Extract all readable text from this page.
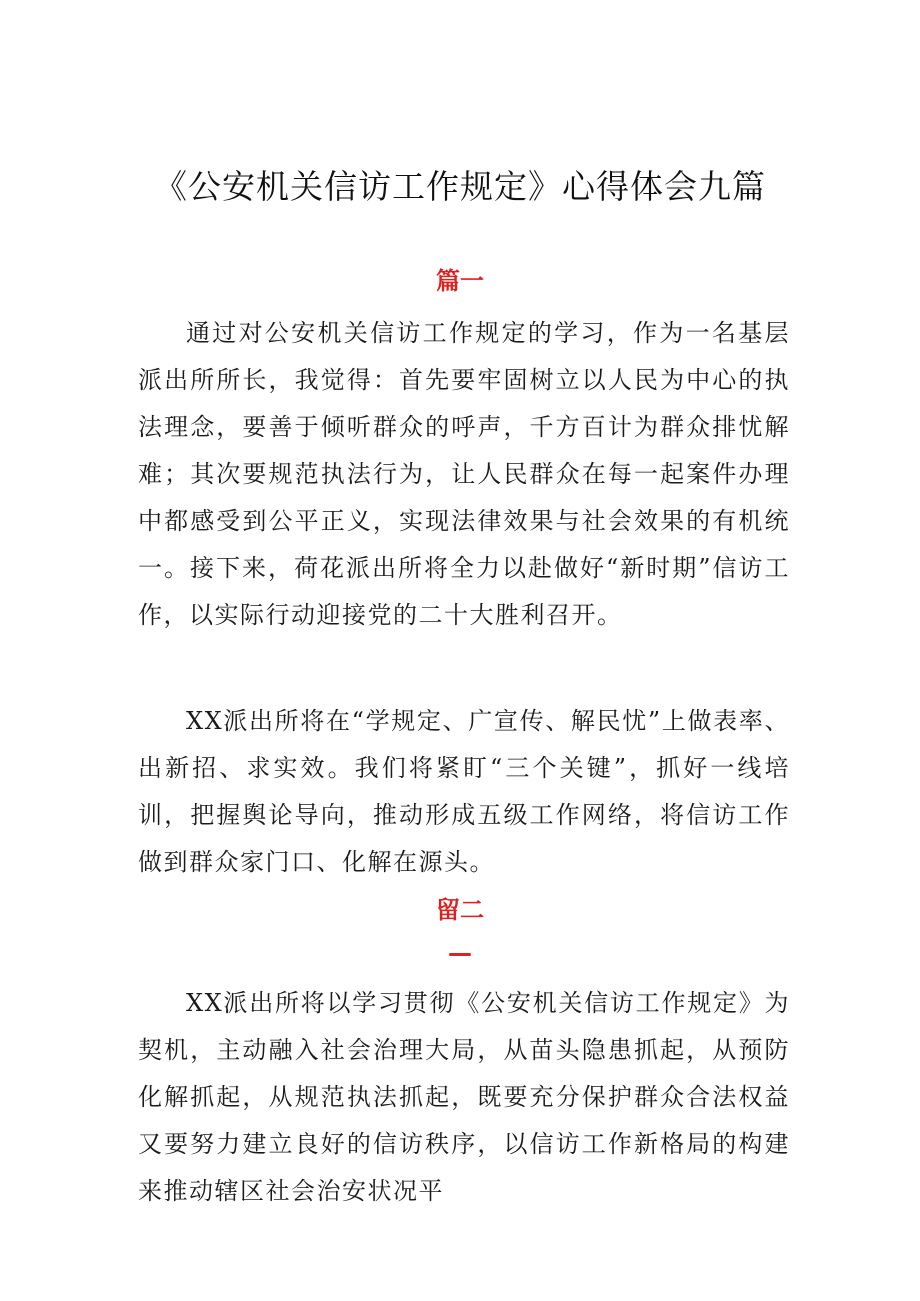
《公安机关信访工作规定》心得体会九篇
篇一

通过对公安机关信访工作规定的学习，作为一名基层派出所所长，我觉得：首先要牢固树立以人民为中心的执法理念，要善于倾听群众的呼声，千方百计为群众排忧解难；其次要规范执法行为，让人民群众在每一起案件办理中都感受到公平正义，实现法律效果与社会效果的有机统一。接下来，荷花派出所将全力以赴做好“新时期”信访工作，以实际行动迎接党的二十大胜利召开。

XX派出所将在“学规定、广宣传、解民忧”上做表率、出新招、求实效。我们将紧盯“三个关键”，抓好一线培训，把握舆论导向，推动形成五级工作网络，将信访工作做到群众家门口、化解在源头。

留二
—

XX派出所将以学习贯彻《公安机关信访工作规定》为契机，主动融入社会治理大局，从苗头隐患抓起，从预防化解抓起，从规范执法抓起，既要充分保护群众合法权益又要努力建立良好的信访秩序，以信访工作新格局的构建来推动辖区社会治安状况平
